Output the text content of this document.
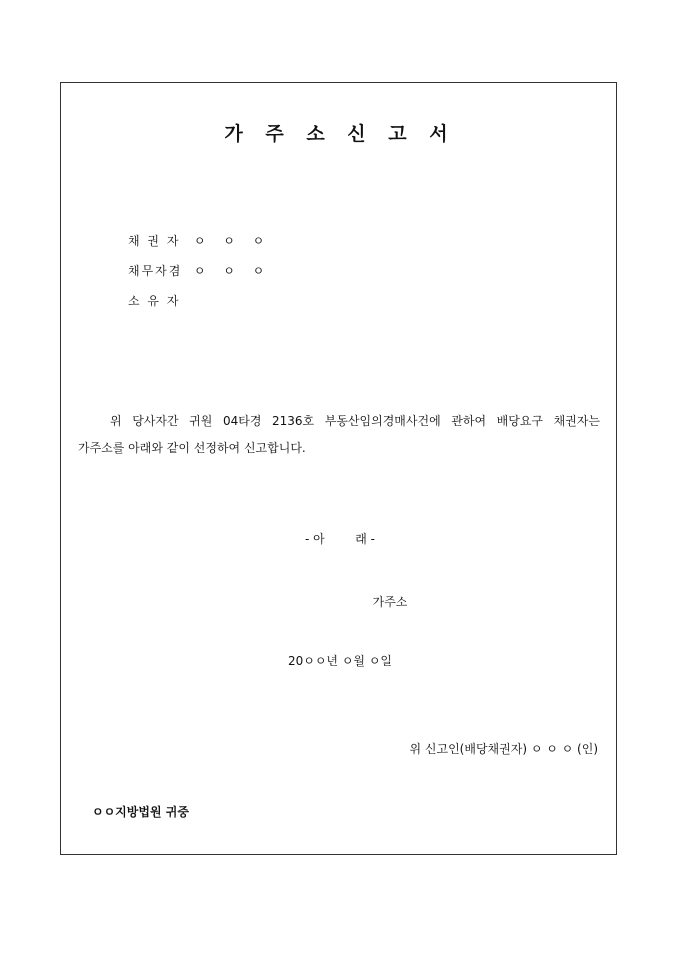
가 주 소 신 고 서
채 권 자 ㅇ ㅇ ㅇ
채무자겸 ㅇ ㅇ ㅇ
소 유 자

위 당사자간 귀원 04타경 2136호 부동산임의경매사건에 관하여 배당요구 채권자는

가주소를 아래와 같이 선정하여 신고합니다.

- 아        래 -
가주소
20ㅇㅇ년 ㅇ월 ㅇ일
위 신고인(배당채권자) ㅇ ㅇ ㅇ (인)
ㅇㅇ지방법원 귀중
